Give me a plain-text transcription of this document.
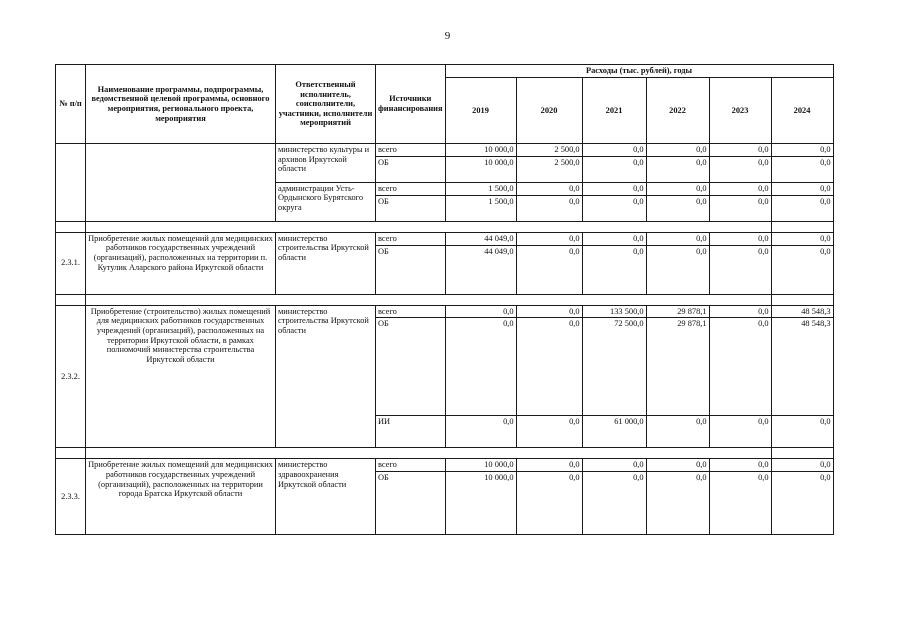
9
№ п/п	Наименование программы, подпрограммы, ведомственной целевой программы, основного мероприятия, регионального проекта, мероприятия	Ответственный исполнитель, соисполнители, участники, исполнители мероприятий	Источники финансирования	Расходы (тыс. рублей), годы					
				2019	2020	2021	2022	2023	2024
		министерство культуры и архивов Иркутской области	всего	10 000,0	2 500,0	0,0	0,0	0,0	0,0
			ОБ	10 000,0	2 500,0	0,0	0,0	0,0	0,0

		администрации Усть-Ордынского Бурятского округа	всего	1 500,0	0,0	0,0	0,0	0,0	0,0
			ОБ	1 500,0	0,0	0,0	0,0	0,0	0,0

2.3.1.	Приобретение жилых помещений для медицинских работников государственных учреждений (организаций), расположенных на территории п. Кутулик Аларского района Иркутской области	министерство строительства Иркутской области	всего	44 049,0	0,0	0,0	0,0	0,0	0,0
			ОБ	44 049,0	0,0	0,0	0,0	0,0	0,0

2.3.2.	Приобретение (строительство) жилых помещений для медицинских работников государственных учреждений (организаций), расположенных на территории Иркутской области, в рамках полномочий министерства строительства Иркутской области	министерство строительства Иркутской области	всего	0,0	0,0	133 500,0	29 878,1	0,0	48 548,3
			ОБ	0,0	0,0	72 500,0	29 878,1	0,0	48 548,3
			ИИ	0,0	0,0	61 000,0	0,0	0,0	0,0

2.3.3.	Приобретение жилых помещений для медицинских работников государственных учреждений (организаций), расположенных на территории города Братска Иркутской области	министерство здравоохранения Иркутской области	всего	10 000,0	0,0	0,0	0,0	0,0	0,0
			ОБ	10 000,0	0,0	0,0	0,0	0,0	0,0
